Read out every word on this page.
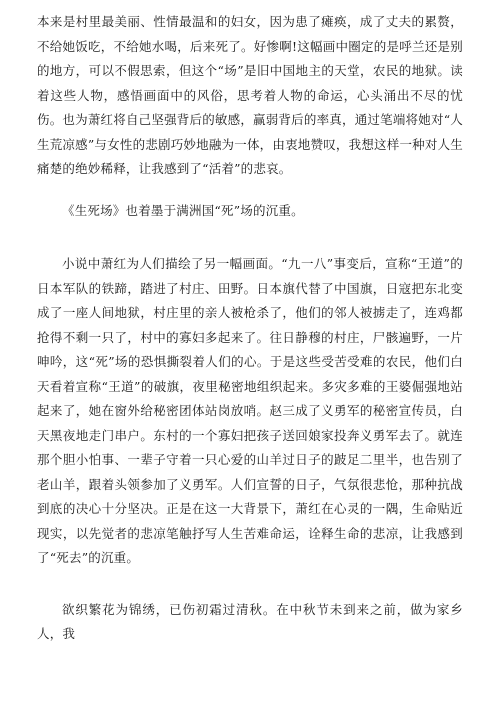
本来是村里最美丽、性情最温和的妇女，因为患了瘫痪，成了丈夫的累赘，不给她饭吃，不给她水喝，后来死了。好惨啊!这幅画中圈定的是呼兰还是别的地方，可以不假思索，但这个“场”是旧中国地主的天堂，农民的地狱。读着这些人物，感悟画面中的风俗，思考着人物的命运，心头涌出不尽的忧伤。也为萧红将自己坚强背后的敏感，赢弱背后的率真，通过笔端将她对“人生荒凉感”与女性的悲剧巧妙地融为一体，由衷地赞叹，我想这样一种对人生痛楚的绝妙稀释，让我感到了“活着”的悲哀。

《生死场》也着墨于满洲国“死”场的沉重。

小说中萧红为人们描绘了另一幅画面。“九一八”事变后，宣称“王道”的日本军队的铁蹄，踏进了村庄、田野。日本旗代替了中国旗，日寇把东北变成了一座人间地狱，村庄里的亲人被枪杀了，他们的邻人被掳走了，连鸡都抢得不剩一只了，村中的寡妇多起来了。往日静穆的村庄，尸骸遍野，一片呻吟，这“死”场的恐惧撕裂着人们的心。于是这些受苦受难的农民，他们白天看着宣称“王道”的破旗，夜里秘密地组织起来。多灾多难的王婆倔强地站起来了，她在窗外给秘密团体站岗放哨。赵三成了义勇军的秘密宣传员，白天黑夜地走门串户。东村的一个寡妇把孩子送回娘家投奔义勇军去了。就连那个胆小怕事、一辈子守着一只心爱的山羊过日子的跛足二里半，也告别了老山羊，跟着头领参加了义勇军。人们宣誓的日子，气氛很悲怆，那种抗战到底的决心十分坚决。正是在这一大背景下，萧红在心灵的一隅，生命贴近现实，以先觉者的悲凉笔触抒写人生苦难命运，诠释生命的悲凉，让我感到了“死去”的沉重。

欲织繁花为锦绣，已伤初霜过清秋。在中秋节未到来之前，做为家乡人，我
